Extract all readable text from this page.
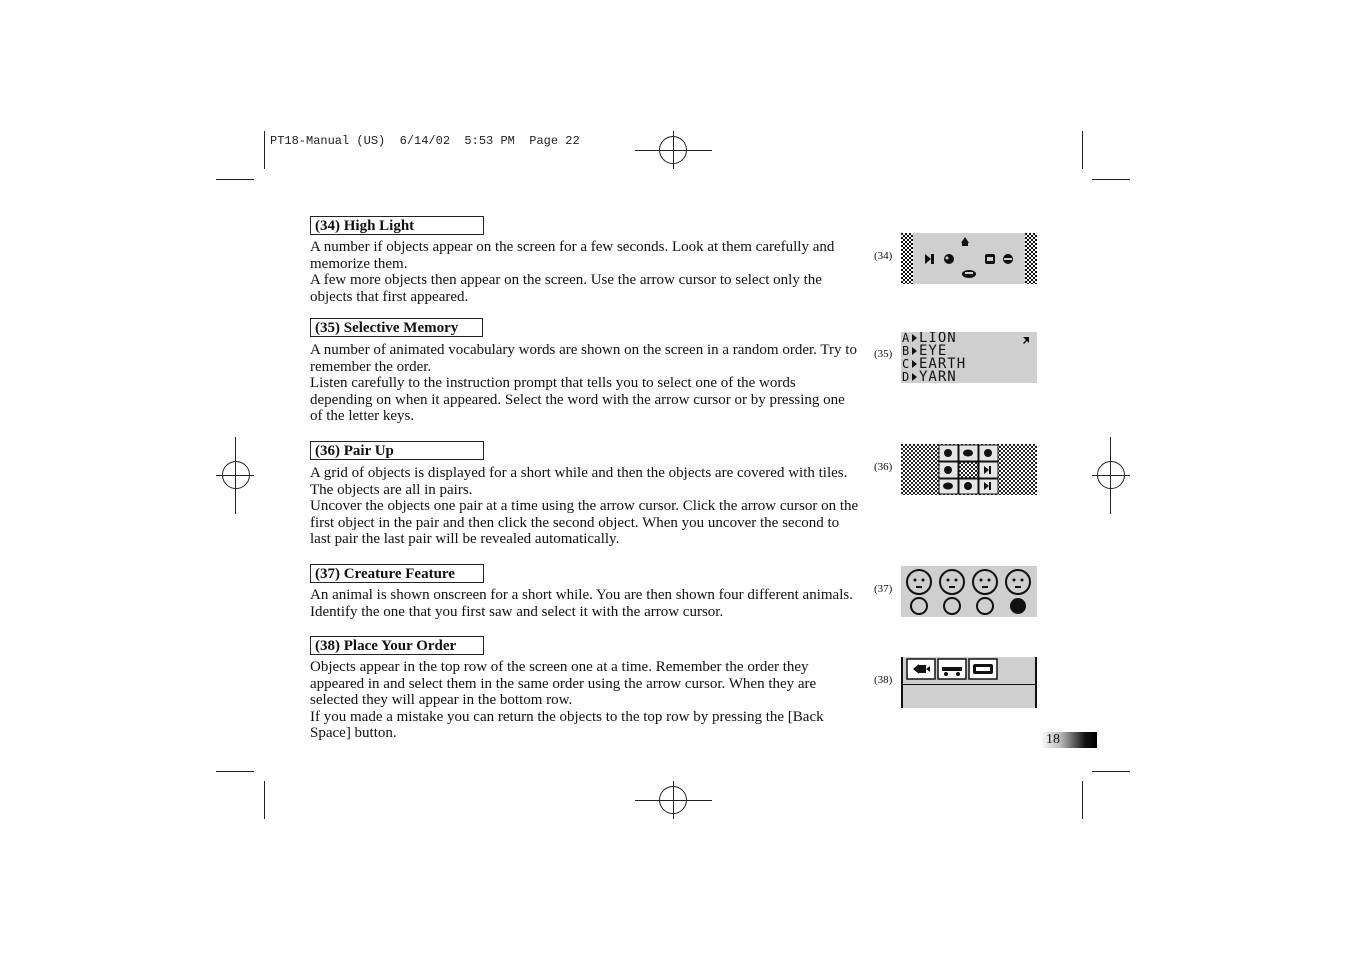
PT18-Manual (US)  6/14/02  5:53 PM  Page 22
(34) High Light

A number if objects appear on the screen for a few seconds. Look at them carefully and memorize them.

A few more objects then appear on the screen. Use the arrow cursor to select only the objects that first appeared.

(34)
(35) Selective Memory

A number of animated vocabulary words are shown on the screen in a random order. Try to remember the order.

Listen carefully to the instruction prompt that tells you to select one of the words depending on when it appeared. Select the word with the arrow cursor or by pressing one of the letter keys.

(35)
A
B
C
D
LION
EYE
EARTH
YARN
(36) Pair Up

A grid of objects is displayed for a short while and then the objects are covered with tiles. The objects are all in pairs.

Uncover the objects one pair at a time using the arrow cursor. Click the arrow cursor on the first object in the pair and then click the second object. When you uncover the second to last pair the last pair will be revealed automatically.

(36)
(37) Creature Feature

An animal is shown onscreen for a short while. You are then shown four different animals. Identify the one that you first saw and select it with the arrow cursor.

(37)
(38) Place Your Order

Objects appear in the top row of the screen one at a time. Remember the order they appeared in and select them in the same order using the arrow cursor. When they are selected they will appear in the bottom row.

If you made a mistake you can return the objects to the top row by pressing the [Back Space] button.

(38)
18
